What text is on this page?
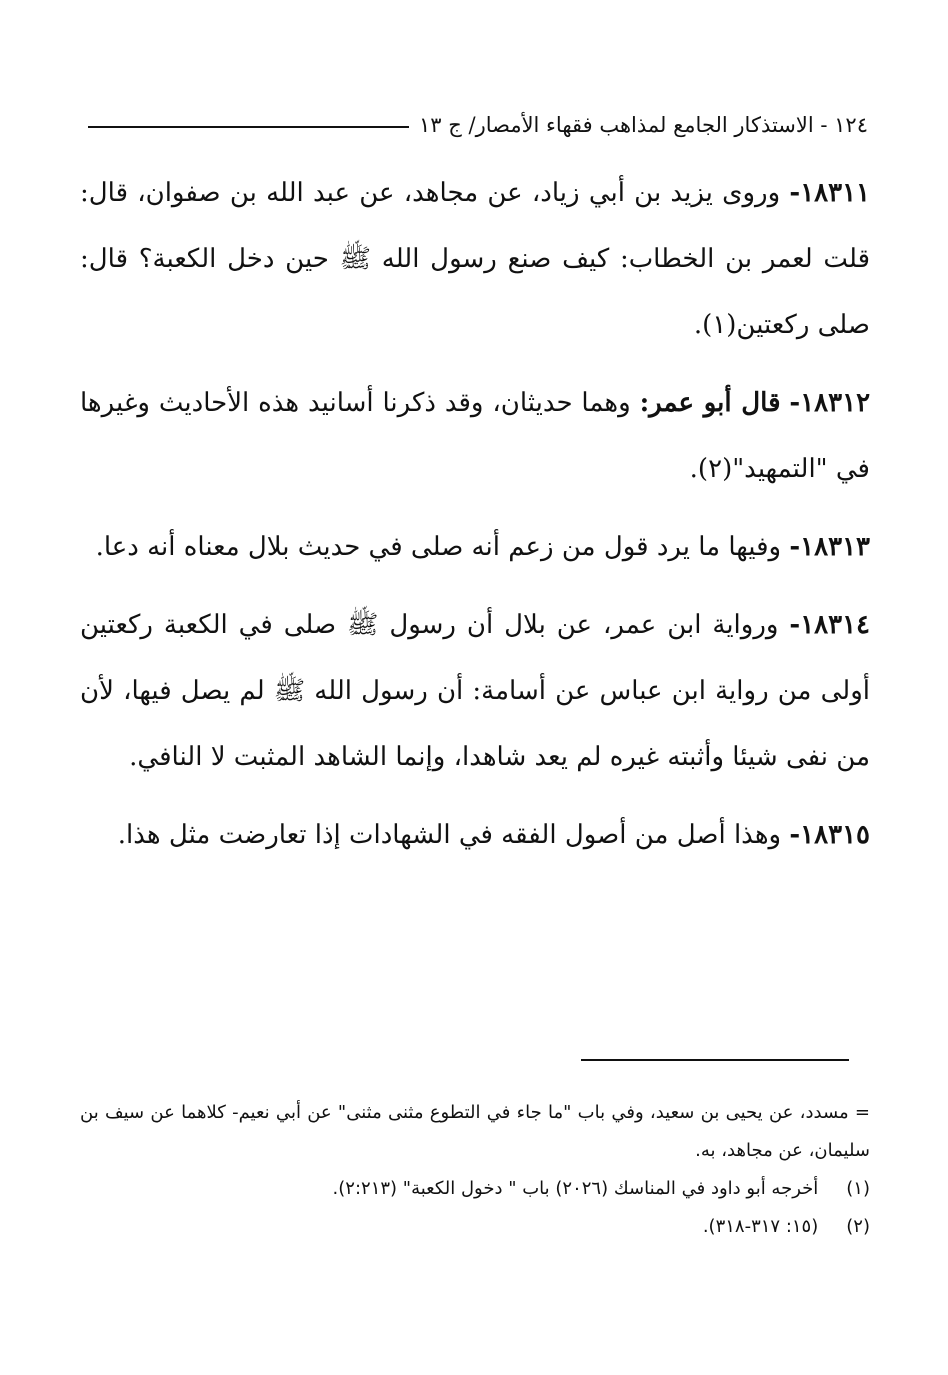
١٢٤ - الاستذكار الجامع لمذاهب فقهاء الأمصار/ ج ١٣

١٨٣١١- وروى يزيد بن أبي زياد، عن مجاهد، عن عبد الله بن صفوان، قال: قلت لعمر بن الخطاب: كيف صنع رسول الله ﷺ حين دخل الكعبة؟ قال: صلى ركعتين(١).

١٨٣١٢- قال أبو عمر: وهما حديثان، وقد ذكرنا أسانيد هذه الأحاديث وغيرها في "التمهيد"(٢).

١٨٣١٣- وفيها ما يرد قول من زعم أنه صلى في حديث بلال معناه أنه دعا.

١٨٣١٤- ورواية ابن عمر، عن بلال أن رسول ﷺ صلى في الكعبة ركعتين أولى من رواية ابن عباس عن أسامة: أن رسول الله ﷺ لم يصل فيها، لأن من نفى شيئا وأثبته غيره لم يعد شاهدا، وإنما الشاهد المثبت لا النافي.

١٨٣١٥- وهذا أصل من أصول الفقه في الشهادات إذا تعارضت مثل هذا.

= مسدد، عن يحيى بن سعيد، وفي باب "ما جاء في التطوع مثنى مثنى" عن أبي نعيم- كلاهما عن سيف بن سليمان، عن مجاهد، به.

(١) أخرجه أبو داود في المناسك (٢٠٢٦) باب " دخول الكعبة" (٢:٢١٣).

(٢) (١٥: ٣١٧-٣١٨).
